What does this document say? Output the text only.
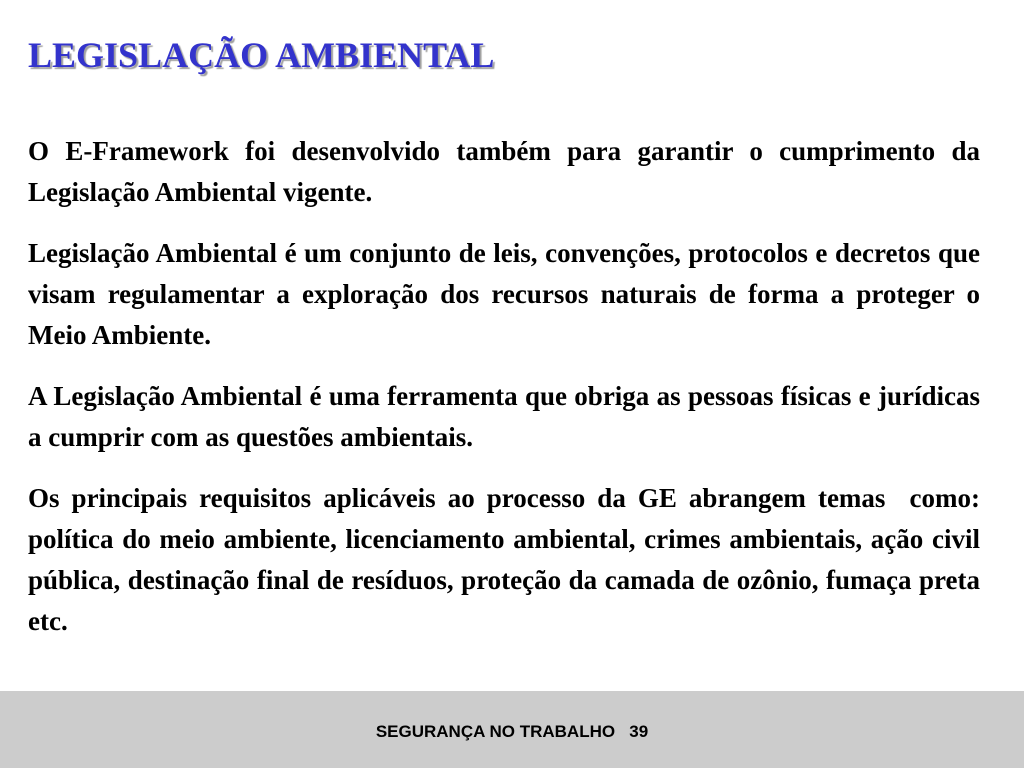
LEGISLAÇÃO AMBIENTAL

O E-Framework foi desenvolvido também para garantir o cumprimento da Legislação Ambiental vigente.

Legislação Ambiental é um conjunto de leis, convenções, protocolos e decretos que visam regulamentar a exploração dos recursos naturais de forma a proteger o Meio Ambiente.

A Legislação Ambiental é uma ferramenta que obriga as pessoas físicas e jurídicas a cumprir com as questões ambientais.

Os principais requisitos aplicáveis ao processo da GE abrangem temas  como: política do meio ambiente, licenciamento ambiental, crimes ambientais, ação civil pública, destinação final de resíduos, proteção da camada de ozônio, fumaça preta etc.

SEGURANÇA NO TRABALHO   39
